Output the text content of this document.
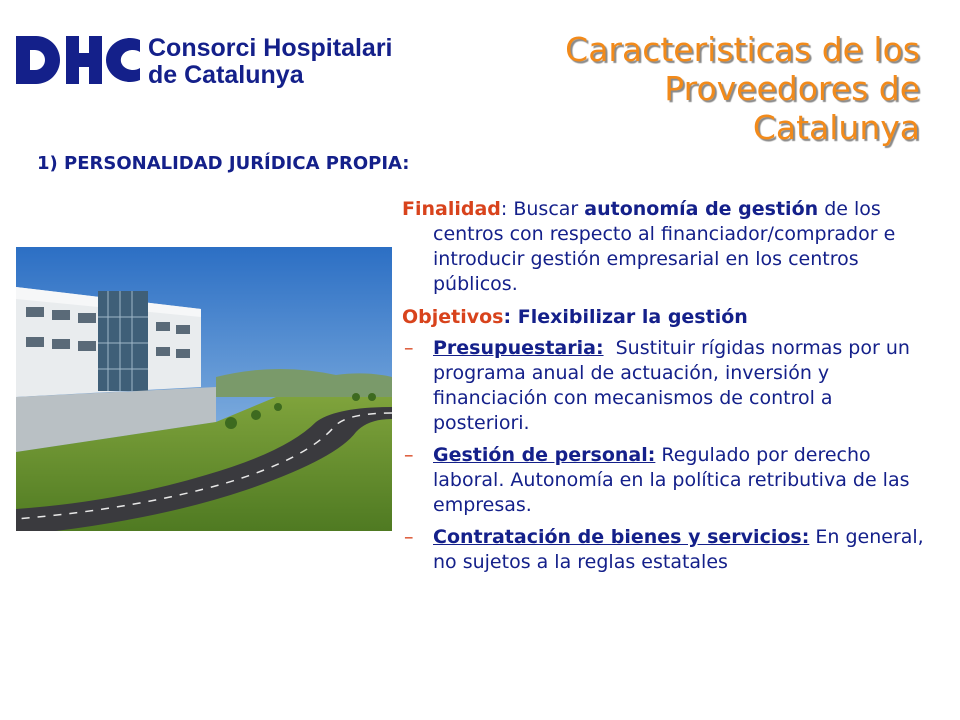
Consorci Hospitalari
de Catalunya
Caracteristicas de los
Proveedores de
Catalunya
1) PERSONALIDAD JURÍDICA PROPIA:

Finalidad: Buscar autonomía de gestión de los centros con respecto al financiador/comprador e introducir gestión empresarial en los centros públicos.

Objetivos: Flexibilizar la gestión

– Presupuestaria:  Sustituir rígidas normas por un programa anual de actuación, inversión y financiación con mecanismos de control a posteriori.
– Gestión de personal: Regulado por derecho laboral. Autonomía en la política retributiva de las empresas.
– Contratación de bienes y servicios: En general,  no sujetos a la reglas estatales
